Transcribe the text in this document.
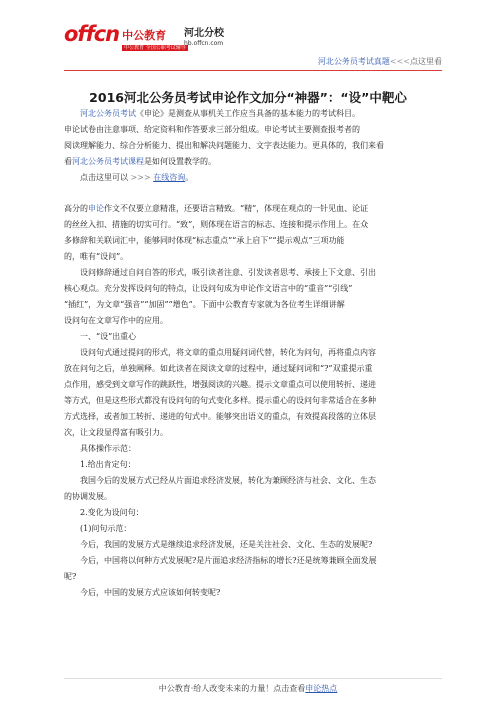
offcn 中公教育
中公教育 全国公职考试辅导
河北分校
hb.offcn.com
河北公务员考试真题<<<点这里看
2016河北公务员考试申论作文加分“神器”：“设”中靶心

河北公务员考试《申论》是测查从事机关工作应当具备的基本能力的考试科目。

申论试卷由注意事项、给定资料和作答要求三部分组成。申论考试主要测查报考者的

阅读理解能力、综合分析能力、提出和解决问题能力、文字表达能力。更具体的，我们来看

看河北公务员考试课程是如何设置教学的。

点击这里可以 >>> 在线咨询。

高分的申论作文不仅要立意精准，还要语言精致。“精”，体现在观点的一针见血、论证

的丝丝入扣、措施的切实可行。“致”，则体现在语言的标志、连接和提示作用上。在众

多修辞和关联词汇中，能够同时体现“标志重点”“承上启下”“提示观点”三项功能

的，唯有“设问”。

设问修辞通过自问自答的形式，吸引读者注意、引发读者思考、承接上下文意、引出

核心观点。充分发挥设问句的特点，让设问句成为申论作文语言中的“重音”“引线”

“插红”，为文章“强音”“加固”“增色”。下面中公教育专家就为各位考生详细讲解

设问句在文章写作中的应用。

一、“设”出重心

设问句式通过提问的形式，将文章的重点用疑问词代替，转化为问句，再将重点内容

放在问句之后，单独阐释。如此读者在阅读文章的过程中，通过疑问词和“?”双重提示重

点作用，感受到文章写作的跳跃性，增强阅读的兴趣。提示文章重点可以使用转折、递进

等方式，但是这些形式都没有设问句的句式变化多样。提示重心的设问句非常适合在多种

方式选择，或者加工转折、递进的句式中。能够突出语义的重点，有效提高段落的立体层

次，让文段显得富有吸引力。

具体操作示范：

1.给出肯定句：

我国今后的发展方式已经从片面追求经济发展，转化为兼顾经济与社会、文化、生态

的协调发展。

2.变化为设问句：

(1)问句示范：

今后，我国的发展方式是继续追求经济发展，还是关注社会、文化、生态的发展呢?

今后，中国将以何种方式发展呢?是片面追求经济指标的增长?还是统筹兼顾全面发展

呢?

今后，中国的发展方式应该如何转变呢?

中公教育·给人改变未来的力量！点击查看申论热点
